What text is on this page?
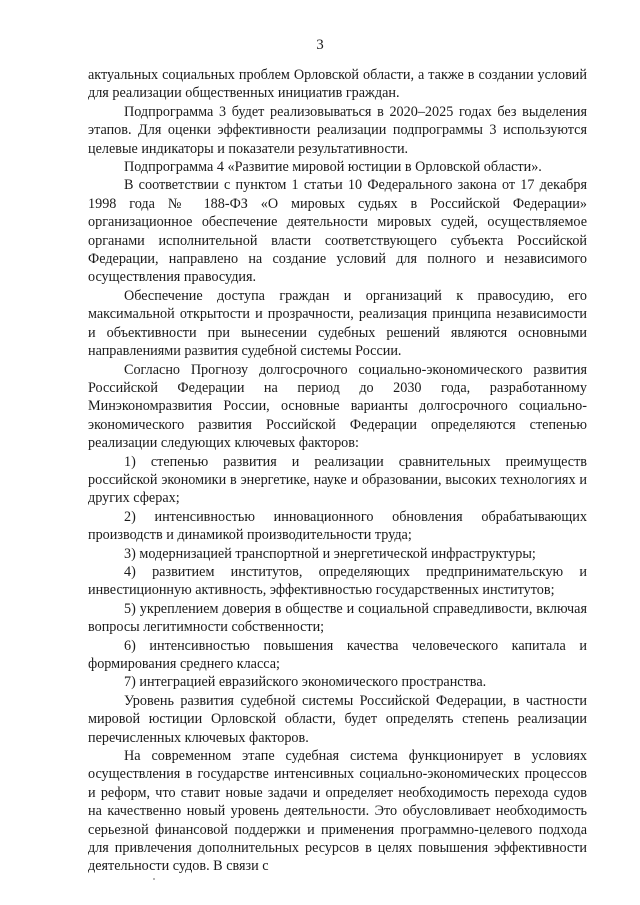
3

актуальных социальных проблем Орловской области, а также в создании условий для реализации общественных инициатив граждан.

Подпрограмма 3 будет реализовываться в 2020–2025 годах без выделения этапов. Для оценки эффективности реализации подпрограммы 3 используются целевые индикаторы и показатели результативности.

Подпрограмма 4 «Развитие мировой юстиции в Орловской области».

В соответствии с пунктом 1 статьи 10 Федерального закона от 17 декабря 1998 года № 188-ФЗ «О мировых судьях в Российской Федерации» организационное обеспечение деятельности мировых судей, осуществляемое органами исполнительной власти соответствующего субъекта Российской Федерации, направлено на создание условий для полного и независимого осуществления правосудия.

Обеспечение доступа граждан и организаций к правосудию, его максимальной открытости и прозрачности, реализация принципа независимости и объективности при вынесении судебных решений являются основными направлениями развития судебной системы России.

Согласно Прогнозу долгосрочного социально-экономического развития Российской Федерации на период до 2030 года, разработанному Минэкономразвития России, основные варианты долгосрочного социально-экономического развития Российской Федерации определяются степенью реализации следующих ключевых факторов:

1) степенью развития и реализации сравнительных преимуществ российской экономики в энергетике, науке и образовании, высоких технологиях и других сферах;

2) интенсивностью инновационного обновления обрабатывающих производств и динамикой производительности труда;

3) модернизацией транспортной и энергетической инфраструктуры;

4) развитием институтов, определяющих предпринимательскую и инвестиционную активность, эффективностью государственных институтов;

5) укреплением доверия в обществе и социальной справедливости, включая вопросы легитимности собственности;

6) интенсивностью повышения качества человеческого капитала и формирования среднего класса;

7) интеграцией евразийского экономического пространства.

Уровень развития судебной системы Российской Федерации, в частности мировой юстиции Орловской области, будет определять степень реализации перечисленных ключевых факторов.

На современном этапе судебная система функционирует в условиях осуществления в государстве интенсивных социально-экономических процессов и реформ, что ставит новые задачи и определяет необходимость перехода судов на качественно новый уровень деятельности. Это обусловливает необходимость серьезной финансовой поддержки и применения программно-целевого подхода для привлечения дополнительных ресурсов в целях повышения эффективности деятельности судов. В связи с
